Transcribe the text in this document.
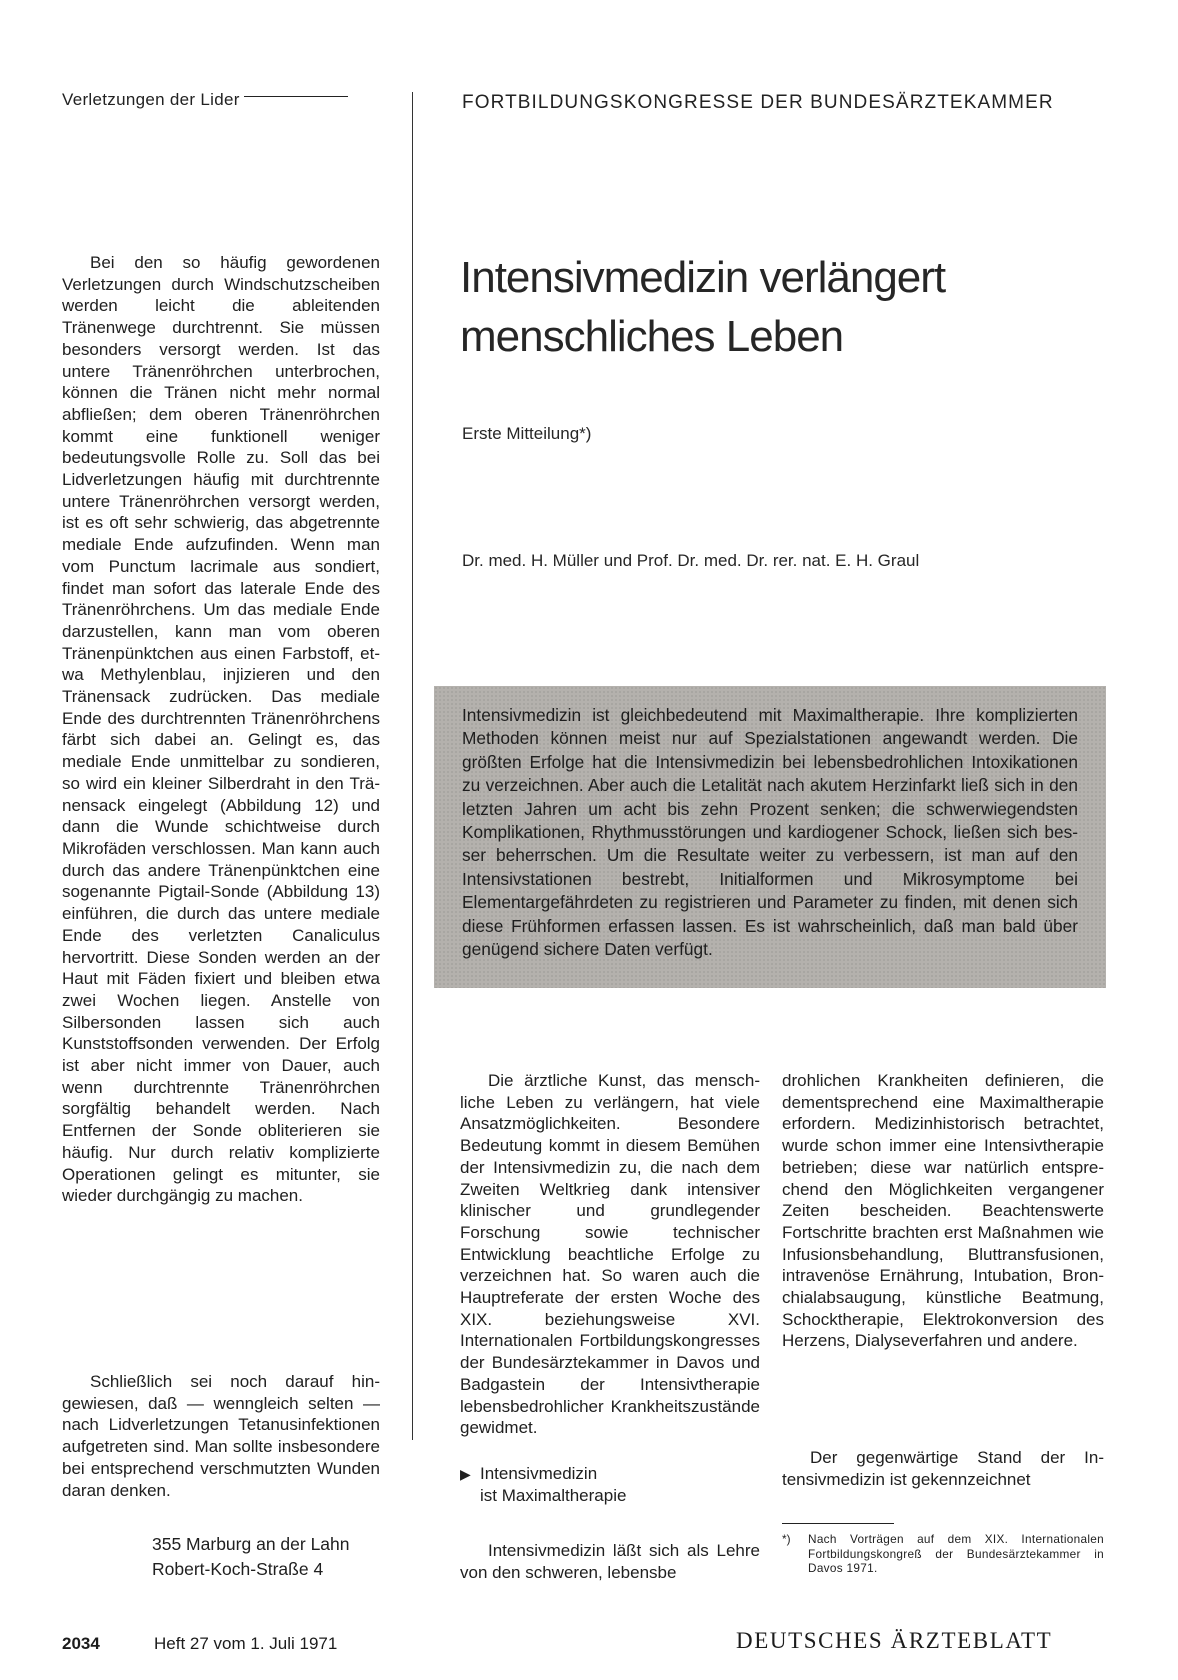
Verletzungen der Lider	FORTBILDUNGSKONGRESSE DER BUNDESÄRZTEKAMMER

Bei den so häufig gewordenen Verletzungen durch Windschutzscheiben werden leicht die ableitenden Tränenwege durchtrennt. Sie müssen besonders versorgt werden. Ist das untere Tränenröhrchen unterbrochen, können die Tränen nicht mehr normal abfließen; dem oberen Tränenröhrchen kommt eine funktionell weniger bedeutungsvolle Rolle zu. Soll das bei Lidverletzungen häufig mit durchtrennte untere Tränenröhrchen versorgt werden, ist es oft sehr schwierig, das abgetrennte mediale Ende aufzufinden. Wenn man vom Punctum lacrimale aus sondiert, findet man sofort das laterale Ende des Tränenröhrchens. Um das mediale Ende darzustellen, kann man vom oberen Tränenpünktchen aus einen Farbstoff, etwa Methylenblau, injizieren und den Tränensack zudrücken. Das mediale Ende des durchtrennten Tränenröhrchens färbt sich dabei an. Gelingt es, das mediale Ende unmittelbar zu sondieren, so wird ein kleiner Silberdraht in den Tränensack eingelegt (Abbildung 12) und dann die Wunde schichtweise durch Mikrofäden verschlossen. Man kann auch durch das andere Tränenpünktchen eine sogenannte Pigtail-Sonde (Abbildung 13) einführen, die durch das untere mediale Ende des verletzten Canaliculus hervortritt. Diese Sonden werden an der Haut mit Fäden fixiert und bleiben etwa zwei Wochen liegen. Anstelle von Silbersonden lassen sich auch Kunststoffsonden verwenden. Der Erfolg ist aber nicht immer von Dauer, auch wenn durchtrennte Tränenröhrchen sorgfältig behandelt werden. Nach Entfernen der Sonde obliterieren sie häufig. Nur durch relativ komplizierte Operationen gelingt es mitunter, sie wieder durchgängig zu machen.

Schließlich sei noch darauf hingewiesen, daß — wenngleich selten — nach Lidverletzungen Tetanusinfektionen aufgetreten sind. Man sollte insbesondere bei entsprechend verschmutzten Wunden daran denken.

355 Marburg an der Lahn
Robert-Koch-Straße 4
Intensivmedizin verlängert
menschliches Leben
Erste Mitteilung*)
Dr. med. H. Müller und Prof. Dr. med. Dr. rer. nat. E. H. Graul

Intensivmedizin ist gleichbedeutend mit Maximaltherapie. Ihre komplizierten Methoden können meist nur auf Spezialstationen angewandt werden. Die größten Erfolge hat die Intensivmedizin bei lebensbedrohlichen Intoxikationen zu verzeichnen. Aber auch die Letalität nach akutem Herzinfarkt ließ sich in den letzten Jahren um acht bis zehn Prozent senken; die schwerwiegendsten Komplikationen, Rhythmusstörungen und kardiogener Schock, ließen sich besser beherrschen. Um die Resultate weiter zu verbessern, ist man auf den Intensivstationen bestrebt, Initialformen und Mikrosymptome bei Elementargefährdeten zu registrieren und Parameter zu finden, mit denen sich diese Frühformen erfassen lassen. Es ist wahrscheinlich, daß man bald über genügend sichere Daten verfügt.

Die ärztliche Kunst, das menschliche Leben zu verlängern, hat viele Ansatzmöglichkeiten. Besondere Bedeutung kommt in diesem Bemühen der Intensivmedizin zu, die nach dem Zweiten Weltkrieg dank intensiver klinischer und grundlegender Forschung sowie technischer Entwicklung beachtliche Erfolge zu verzeichnen hat. So waren auch die Hauptreferate der ersten Woche des XIX. beziehungsweise XVI. Internationalen Fortbildungskongresses der Bundesärztekammer in Davos und Badgastein der Intensivtherapie lebensbedrohlicher Krankheitszustände gewidmet.

▶ Intensivmedizin
ist Maximaltherapie

Intensivmedizin läßt sich als Lehre von den schweren, lebensbe

drohlichen Krankheiten definieren, die dementsprechend eine Maximaltherapie erfordern. Medizinhistorisch betrachtet, wurde schon immer eine Intensivtherapie betrieben; diese war natürlich entsprechend den Möglichkeiten vergangener Zeiten bescheiden. Beachtenswerte Fortschritte brachten erst Maßnahmen wie Infusionsbehandlung, Bluttransfusionen, intravenöse Ernährung, Intubation, Bronchialabsaugung, künstliche Beatmung, Schocktherapie, Elektrokonversion des Herzens, Dialyseverfahren und andere.

Der gegenwärtige Stand der Intensivmedizin ist gekennzeichnet

*)	Nach Vorträgen auf dem XIX. Internationalen Fortbildungskongreß der Bundesärztekammer in Davos 1971.
2034	Heft 27 vom 1. Juli 1971	DEUTSCHES ÄRZTEBLATT
